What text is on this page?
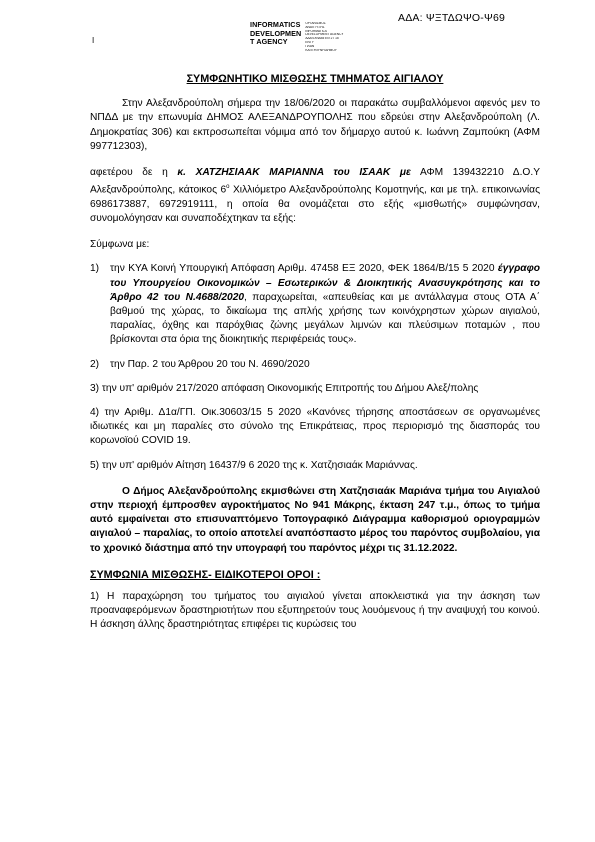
ΑΔΑ: ΨΞΤΔΩΨΟ-Ψ69
INFORMATICS
DEVELOPMEN
T AGENCY
ΟΡΓΑΝΙΣΜΟΣ
ΑΝΑΠΤΥΞΗΣ
INFORMATICS
DEVELOPMENT AGENCY
ΑΔΑ 0ΧΝΑ45 ΕΘ 27 15
ΕΝΤΥ
ΠΛΑΝ
ΚΑΙ ΕΥΘΥΝΗ ΔΗΜΟΥ
I
ΣΥΜΦΩΝΗΤΙΚΟ ΜΙΣΘΩΣΗΣ ΤΜΗΜΑΤΟΣ ΑΙΓΙΑΛΟΥ

Στην Αλεξανδρούπολη σήμερα την 18/06/2020 οι παρακάτω συμβαλλόμενοι αφενός μεν το ΝΠΔΔ με την επωνυμία ΔΗΜΟΣ ΑΛΕΞΑΝΔΡΟΥΠΟΛΗΣ που εδρεύει στην Αλεξανδρούπολη (Λ. Δημοκρατίας 306) και εκπροσωπείται νόμιμα από τον δήμαρχο αυτού κ. Ιωάννη Ζαμπούκη (ΑΦΜ 997712303),

αφετέρου δε η κ. ΧΑΤΖΗΣΙΑΑΚ ΜΑΡΙΑΝΝΑ του ΙΣΑΑΚ με ΑΦΜ 139432210 Δ.Ο.Υ Αλεξανδρούπολης, κάτοικος $6^o$ Χιλλιόμετρο Αλεξανδρούπολης Κομοτηνής, και με τηλ. επικοινωνίας 6986173887, 6972919111, η οποία θα ονομάζεται στο εξής «μισθωτής» συμφώνησαν, συνομολόγησαν και συναποδέχτηκαν τα εξής:

Σύμφωνα με:

1)	την ΚΥΑ Κοινή Υπουργική Απόφαση Αριθμ. 47458 ΕΞ 2020, ΦΕΚ 1864/Β/15 5 2020 έγγραφο του Υπουργείου Οικονομικών – Εσωτερικών & Διοικητικής Ανασυγκρότησης και το Άρθρο 42 του Ν.4688/2020, παραχωρείται, «απευθείας και με αντάλλαγμα στους ΟΤΑ Α΄ βαθμού της χώρας, το δικαίωμα της απλής χρήσης των κοινόχρηστων χώρων αιγιαλού, παραλίας, όχθης και παρόχθιας ζώνης μεγάλων λιμνών και πλεύσιμων ποταμών , που βρίσκονται στα όρια της διοικητικής περιφέρειάς τους».
2)	την Παρ. 2 του Άρθρου 20 του Ν. 4690/2020

3) την υπ' αριθμόν 217/2020 απόφαση Οικονομικής Επιτροπής του Δήμου Αλεξ/πολης

4) την Αριθμ. Δ1α/ΓΠ. Οικ.30603/15 5 2020 «Κανόνες τήρησης αποστάσεων σε οργανωμένες ιδιωτικές και μη παραλίες στο σύνολο της Επικράτειας, προς περιορισμό της διασποράς του κορωνοϊού COVID 19.

5) την υπ' αριθμόν Αίτηση 16437/9 6 2020 της κ. Χατζησιαάκ Μαριάννας.

Ο Δήμος Αλεξανδρούπολης εκμισθώνει στη Χατζησιαάκ Μαριάνα τμήμα του Αιγιαλού στην περιοχή έμπροσθεν αγροκτήματος Νο 941 Μάκρης, έκταση 247 τ.μ., όπως το τμήμα αυτό εμφαίνεται στο επισυναπτόμενο Τοπογραφικό Διάγραμμα καθορισμού οριογραμμών αιγιαλού – παραλίας, το οποίο αποτελεί αναπόσπαστο μέρος του παρόντος συμβολαίου, για το χρονικό διάστημα από την υπογραφή του παρόντος μέχρι τις 31.12.2022.

ΣΥΜΦΩΝΙΑ ΜΙΣΘΩΣΗΣ- ΕΙΔΙΚΟΤΕΡΟΙ ΟΡΟΙ :

1) Η παραχώρηση του τμήματος του αιγιαλού γίνεται αποκλειστικά για την άσκηση των προαναφερόμενων δραστηριοτήτων που εξυπηρετούν τους λουόμενους ή την αναψυχή του κοινού. Η άσκηση άλλης δραστηριότητας επιφέρει τις κυρώσεις του
